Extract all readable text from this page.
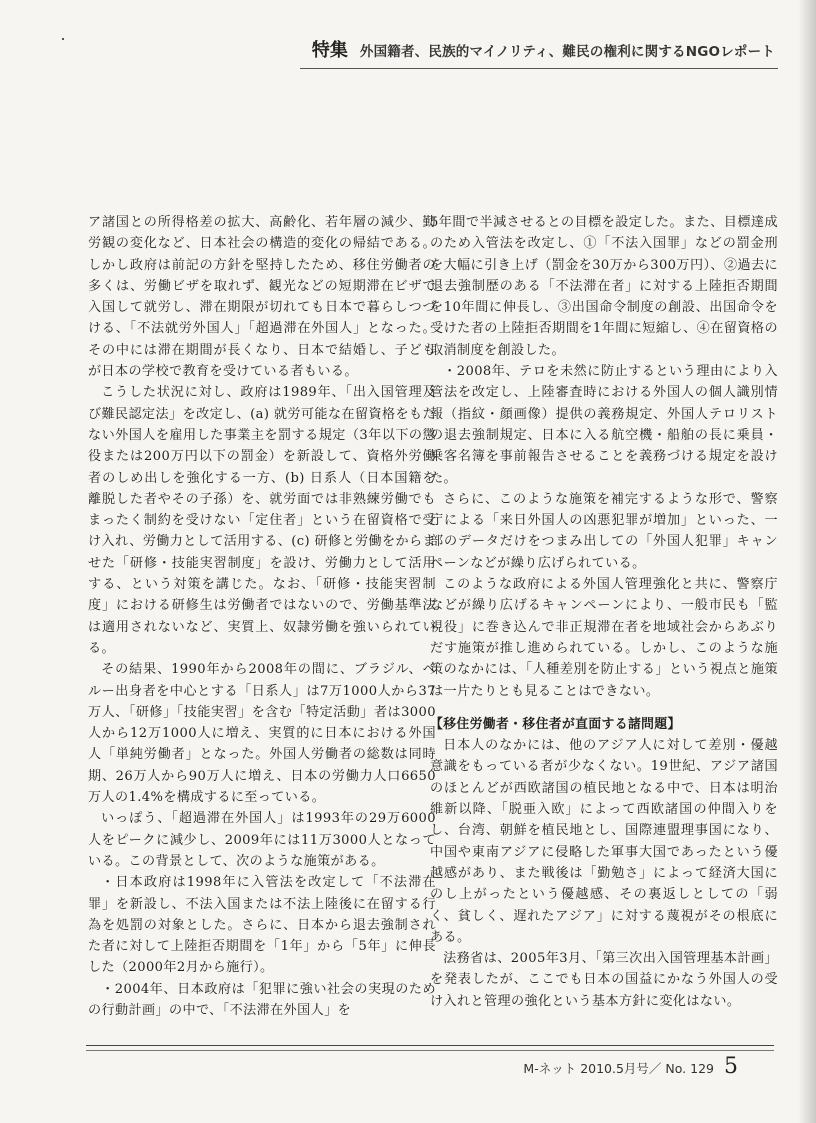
特集 外国籍者、民族的マイノリティ、難民の権利に関するNGOレポート

ア諸国との所得格差の拡大、高齢化、若年層の減少、勤労観の変化など、日本社会の構造的変化の帰結である。しかし政府は前記の方針を堅持したため、移住労働者の多くは、労働ビザを取れず、観光などの短期滞在ビザで入国して就労し、滞在期限が切れても日本で暮らしつづける、「不法就労外国人」「超過滞在外国人」となった。その中には滞在期間が長くなり、日本で結婚し、子どもが日本の学校で教育を受けている者もいる。

こうした状況に対し、政府は1989年、「出入国管理及び難民認定法」を改定し、(a) 就労可能な在留資格をもたない外国人を雇用した事業主を罰する規定（3年以下の懲役または200万円以下の罰金）を新設して、資格外労働者のしめ出しを強化する一方、(b) 日系人（日本国籍を離脱した者やその子孫）を、就労面では非熟練労働でもまったく制約を受けない「定住者」という在留資格で受け入れ、労働力として活用する、(c) 研修と労働をからませた「研修・技能実習制度」を設け、労働力として活用する、という対策を講じた。なお、「研修・技能実習制度」における研修生は労働者ではないので、労働基準法は適用されないなど、実質上、奴隷労働を強いられている。

その結果、1990年から2008年の間に、ブラジル、ペルー出身者を中心とする「日系人」は7万1000人から37万人、「研修」「技能実習」を含む「特定活動」者は3000人から12万1000人に増え、実質的に日本における外国人「単純労働者」となった。外国人労働者の総数は同時期、26万人から90万人に増え、日本の労働力人口6650万人の1.4%を構成するに至っている。

いっぽう、「超過滞在外国人」は1993年の29万6000人をピークに減少し、2009年には11万3000人となっている。この背景として、次のような施策がある。

・日本政府は1998年に入管法を改定して「不法滞在罪」を新設し、不法入国または不法上陸後に在留する行為を処罰の対象とした。さらに、日本から退去強制された者に対して上陸拒否期間を「1年」から「5年」に伸長した（2000年2月から施行）。

・2004年、日本政府は「犯罪に強い社会の実現のための行動計画」の中で、「不法滞在外国人」を

5年間で半減させるとの目標を設定した。また、目標達成のため入管法を改定し、①「不法入国罪」などの罰金刑を大幅に引き上げ（罰金を30万から300万円）、②過去に退去強制歴のある「不法滞在者」に対する上陸拒否期間を10年間に伸長し、③出国命令制度の創設、出国命令を受けた者の上陸拒否期間を1年間に短縮し、④在留資格の取消制度を創設した。

・2008年、テロを未然に防止するという理由により入管法を改定し、上陸審査時における外国人の個人識別情報（指紋・顔画像）提供の義務規定、外国人テロリストの退去強制規定、日本に入る航空機・船舶の長に乗員・乗客名簿を事前報告させることを義務づける規定を設けた。

さらに、このような施策を補完するような形で、警察庁による「来日外国人の凶悪犯罪が増加」といった、一部のデータだけをつまみ出しての「外国人犯罪」キャンペーンなどが繰り広げられている。

このような政府による外国人管理強化と共に、警察庁などが繰り広げるキャンペーンにより、一般市民も「監視役」に巻き込んで非正規滞在者を地域社会からあぶりだす施策が推し進められている。しかし、このような施策のなかには、「人種差別を防止する」という視点と施策は一片たりとも見ることはできない。

【移住労働者・移住者が直面する諸問題】

日本人のなかには、他のアジア人に対して差別・優越意識をもっている者が少なくない。19世紀、アジア諸国のほとんどが西欧諸国の植民地となる中で、日本は明治維新以降、「脱亜入欧」によって西欧諸国の仲間入りをし、台湾、朝鮮を植民地とし、国際連盟理事国になり、中国や東南アジアに侵略した軍事大国であったという優越感があり、また戦後は「勤勉さ」によって経済大国にのし上がったという優越感、その裏返しとしての「弱く、貧しく、遅れたアジア」に対する蔑視がその根底にある。

法務省は、2005年3月、「第三次出入国管理基本計画」を発表したが、ここでも日本の国益にかなう外国人の受け入れと管理の強化という基本方針に変化はない。

M-ネット 2010.5月号／ No. 129 5
